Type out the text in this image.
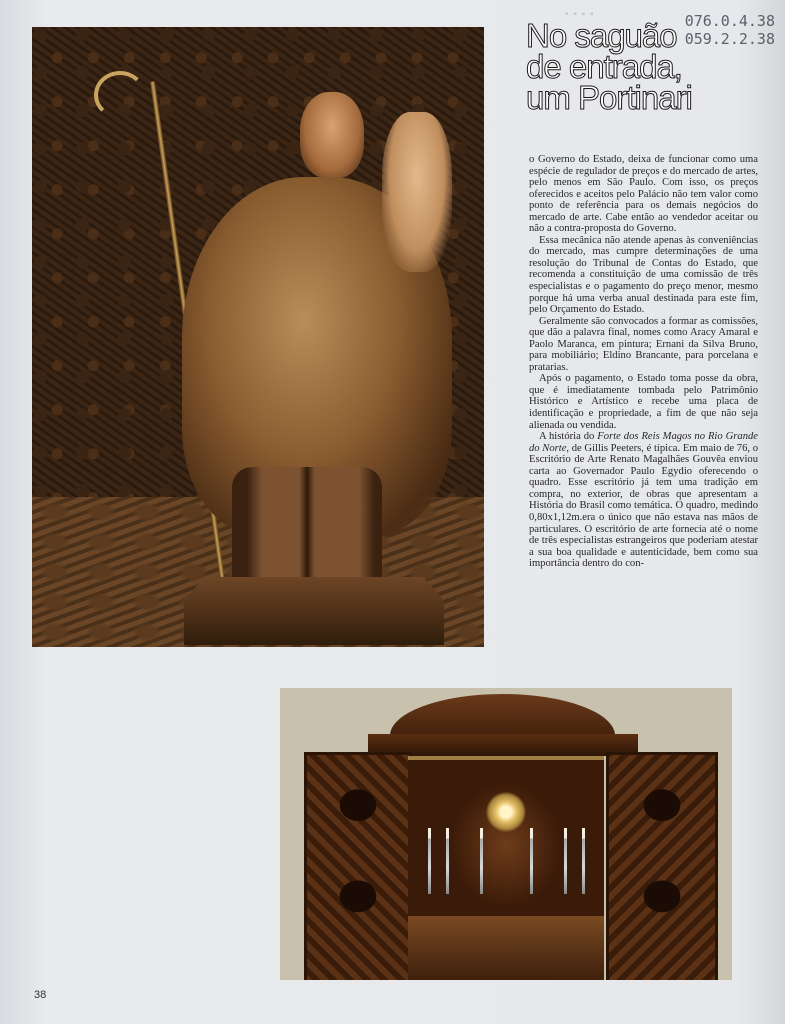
▪ ▪ ▪ ▪	076.0.4.38
059.2.2.38
No saguão
de entrada,
um Portinari

o Governo do Estado, deixa de funcionar como uma espécie de regulador de preços e do mercado de artes, pelo menos em São Paulo. Com isso, os preços oferecidos e aceitos pelo Palácio não tem valor como ponto de referência para os demais negócios do mercado de arte. Cabe então ao vendedor aceitar ou não a contra-proposta do Governo.

Essa mecânica não atende apenas às conveniências do mercado, mas cumpre determinações de uma resolução do Tribunal de Contas do Estado, que recomenda a constituição de uma comissão de três especialistas e o pagamento do preço menor, mesmo porque há uma verba anual destinada para este fim, pelo Orçamento do Estado.

Geralmente são convocados a formar as comissões, que dão a palavra final, nomes como Aracy Amaral e Paolo Maranca, em pintura; Ernani da Silva Bruno, para mobiliário; Eldino Brancante, para porcelana e pratarias.

Após o pagamento, o Estado toma posse da obra, que é imediatamente tombada pelo Patrimônio Histórico e Artístico e recebe uma placa de identificação e propriedade, a fim de que não seja alienada ou vendida.

A história do Forte dos Reis Magos no Rio Grande do Norte, de Gillis Peeters, é típica. Em maio de 76, o Escritório de Arte Renato Magalhães Gouvêa enviou carta ao Governador Paulo Egydio oferecendo o quadro. Esse escritório já tem uma tradição em compra, no exterior, de obras que apresentam a História do Brasil como temática. O quadro, medindo 0,80x1,12m.era o único que não estava nas mãos de particulares. O escritório de arte fornecia até o nome de três especialistas estrangeiros que poderiam atestar a sua boa qualidade e autenticidade, bem como sua importância dentro do con-

38
